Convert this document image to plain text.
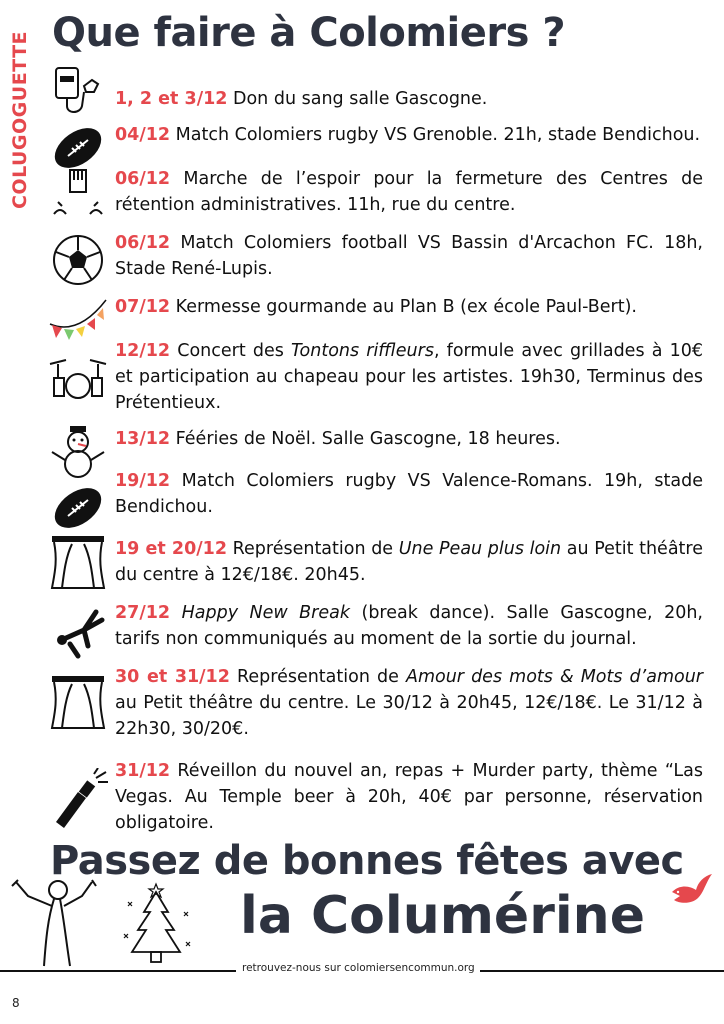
COLUGOGUETTE Que faire à Colomiers ?
1, 2 et 3/12 Don du sang salle Gascogne.
04/12 Match Colomiers rugby VS Grenoble. 21h, stade Bendichou.
06/12 Marche de l’espoir pour la fermeture des Centres de rétention administratives. 11h, rue du centre.
06/12 Match Colomiers football VS Bassin d'Arcachon FC. 18h, Stade René-Lupis.
07/12 Kermesse gourmande au Plan B (ex école Paul-Bert).
12/12 Concert des Tontons riffleurs, formule avec grillades à 10€ et participation au chapeau pour les artistes. 19h30, Terminus des Prétentieux.
13/12 Fééries de Noël. Salle Gascogne, 18 heures.
19/12 Match Colomiers rugby VS Valence-Romans. 19h, stade Bendichou.
19 et 20/12 Représentation de Une Peau plus loin au Petit théâtre du centre à 12€/18€. 20h45.
27/12 Happy New Break (break dance). Salle Gascogne, 20h, tarifs non communiqués au moment de la sortie du journal.
30 et 31/12 Représentation de Amour des mots & Mots d’amour au Petit théâtre du centre. Le 30/12 à 20h45, 12€/18€. Le 31/12 à 22h30, 30/20€.
31/12 Réveillon du nouvel an, repas + Murder party, thème “Las Vegas. Au Temple beer à 20h, 40€ par personne, réservation obligatoire.
Passez de bonnes fêtes avec
la Columérine
retrouvez-nous sur colomiersencommun.org
8
